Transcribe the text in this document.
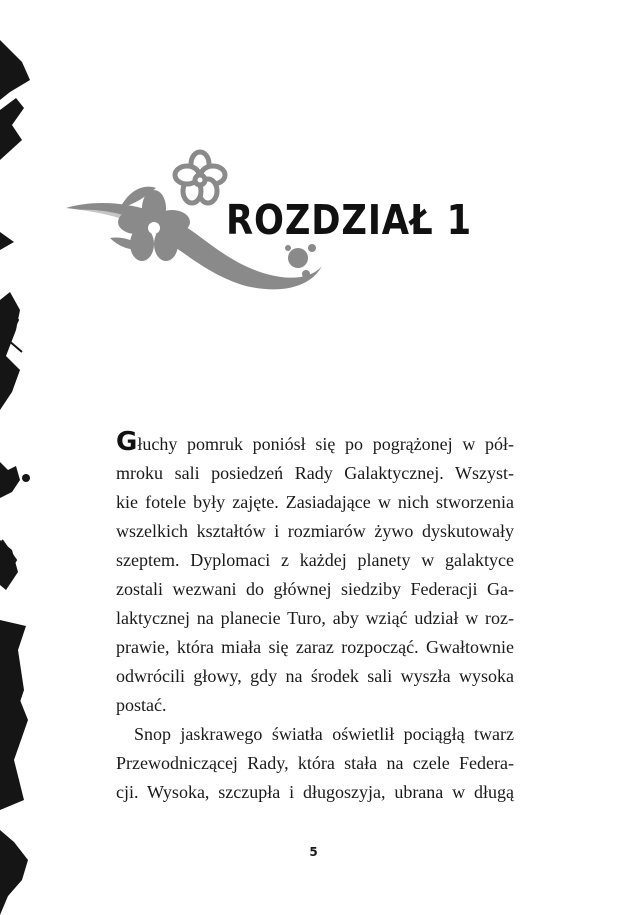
ROZDZIAŁ 1

Głuchy pomruk poniósł się po pogrążonej w pół-
mroku sali posiedzeń Rady Galaktycznej. Wszyst-
kie fotele były zajęte. Zasiadające w nich stworzenia
wszelkich kształtów i rozmiarów żywo dyskutowały
szeptem. Dyplomaci z każdej planety w galaktyce
zostali wezwani do głównej siedziby Federacji Ga-
laktycznej na planecie Turo, aby wziąć udział w roz-
prawie, która miała się zaraz rozpocząć. Gwałtownie
odwrócili głowy, gdy na środek sali wyszła wysoka
postać.

Snop jaskrawego światła oświetlił pociągłą twarz
Przewodniczącej Rady, która stała na czele Federa-
cji. Wysoka, szczupła i długoszyja, ubrana w długą

5
